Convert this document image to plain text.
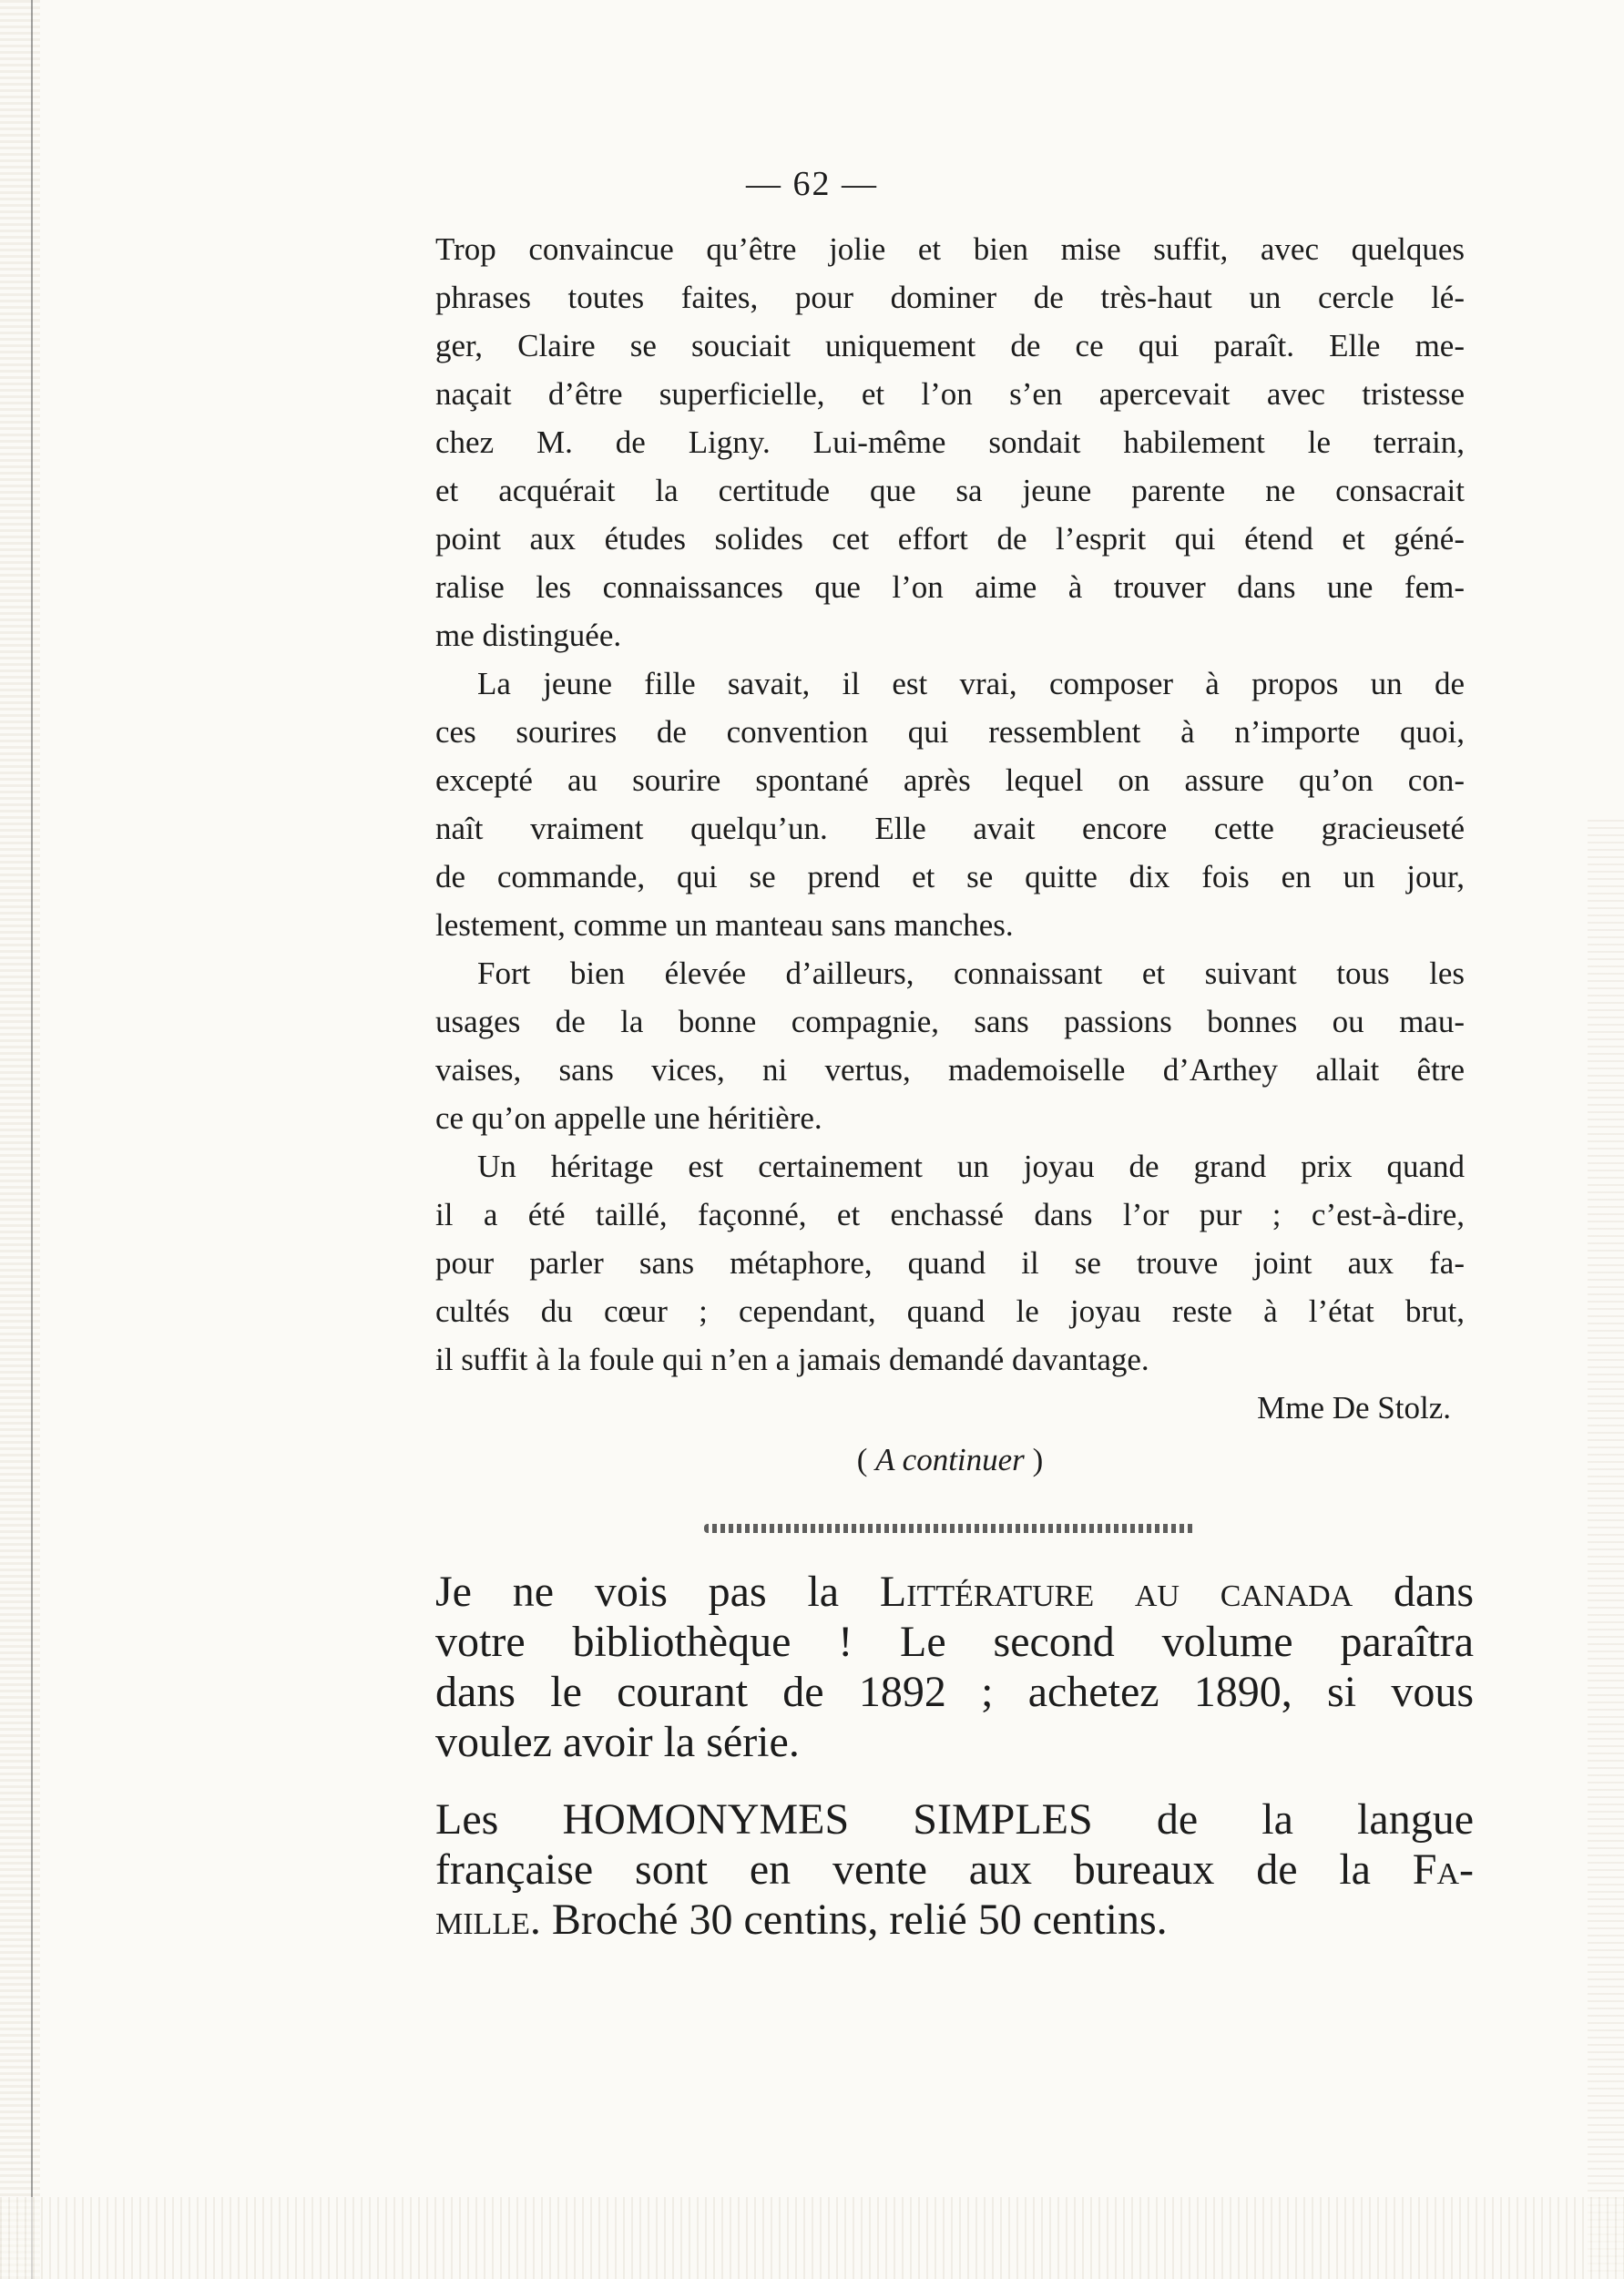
— 62 —
Trop convaincue qu’être jolie et bien mise suffit, avec quelques
phrases toutes faites, pour dominer de très-haut un cercle lé-
ger, Claire se souciait uniquement de ce qui paraît. Elle me-
naçait d’être superficielle, et l’on s’en apercevait avec tristesse
chez M. de Ligny. Lui-même sondait habilement le terrain,
et acquérait la certitude que sa jeune parente ne consacrait
point aux études solides cet effort de l’esprit qui étend et géné-
ralise les connaissances que l’on aime à trouver dans une fem-
me distinguée.
La jeune fille savait, il est vrai, composer à propos un de
ces sourires de convention qui ressemblent à n’importe quoi,
excepté au sourire spontané après lequel on assure qu’on con-
naît vraiment quelqu’un. Elle avait encore cette gracieuseté
de commande, qui se prend et se quitte dix fois en un jour,
lestement, comme un manteau sans manches.
Fort bien élevée d’ailleurs, connaissant et suivant tous les
usages de la bonne compagnie, sans passions bonnes ou mau-
vaises, sans vices, ni vertus, mademoiselle d’Arthey allait être
ce qu’on appelle une héritière.
Un héritage est certainement un joyau de grand prix quand
il a été taillé, façonné, et enchassé dans l’or pur ; c’est-à-dire,
pour parler sans métaphore, quand il se trouve joint aux fa-
cultés du cœur ; cependant, quand le joyau reste à l’état brut,
il suffit à la foule qui n’en a jamais demandé davantage.
Mme De Stolz.
( A continuer )
Je ne vois pas la Littérature au canada dans
votre bibliothèque ! Le second volume paraîtra
dans le courant de 1892 ; achetez 1890, si vous
voulez avoir la série.
Les HOMONYMES SIMPLES de la langue
française sont en vente aux bureaux de la Fa-
mille. Broché 30 centins, relié 50 centins.
